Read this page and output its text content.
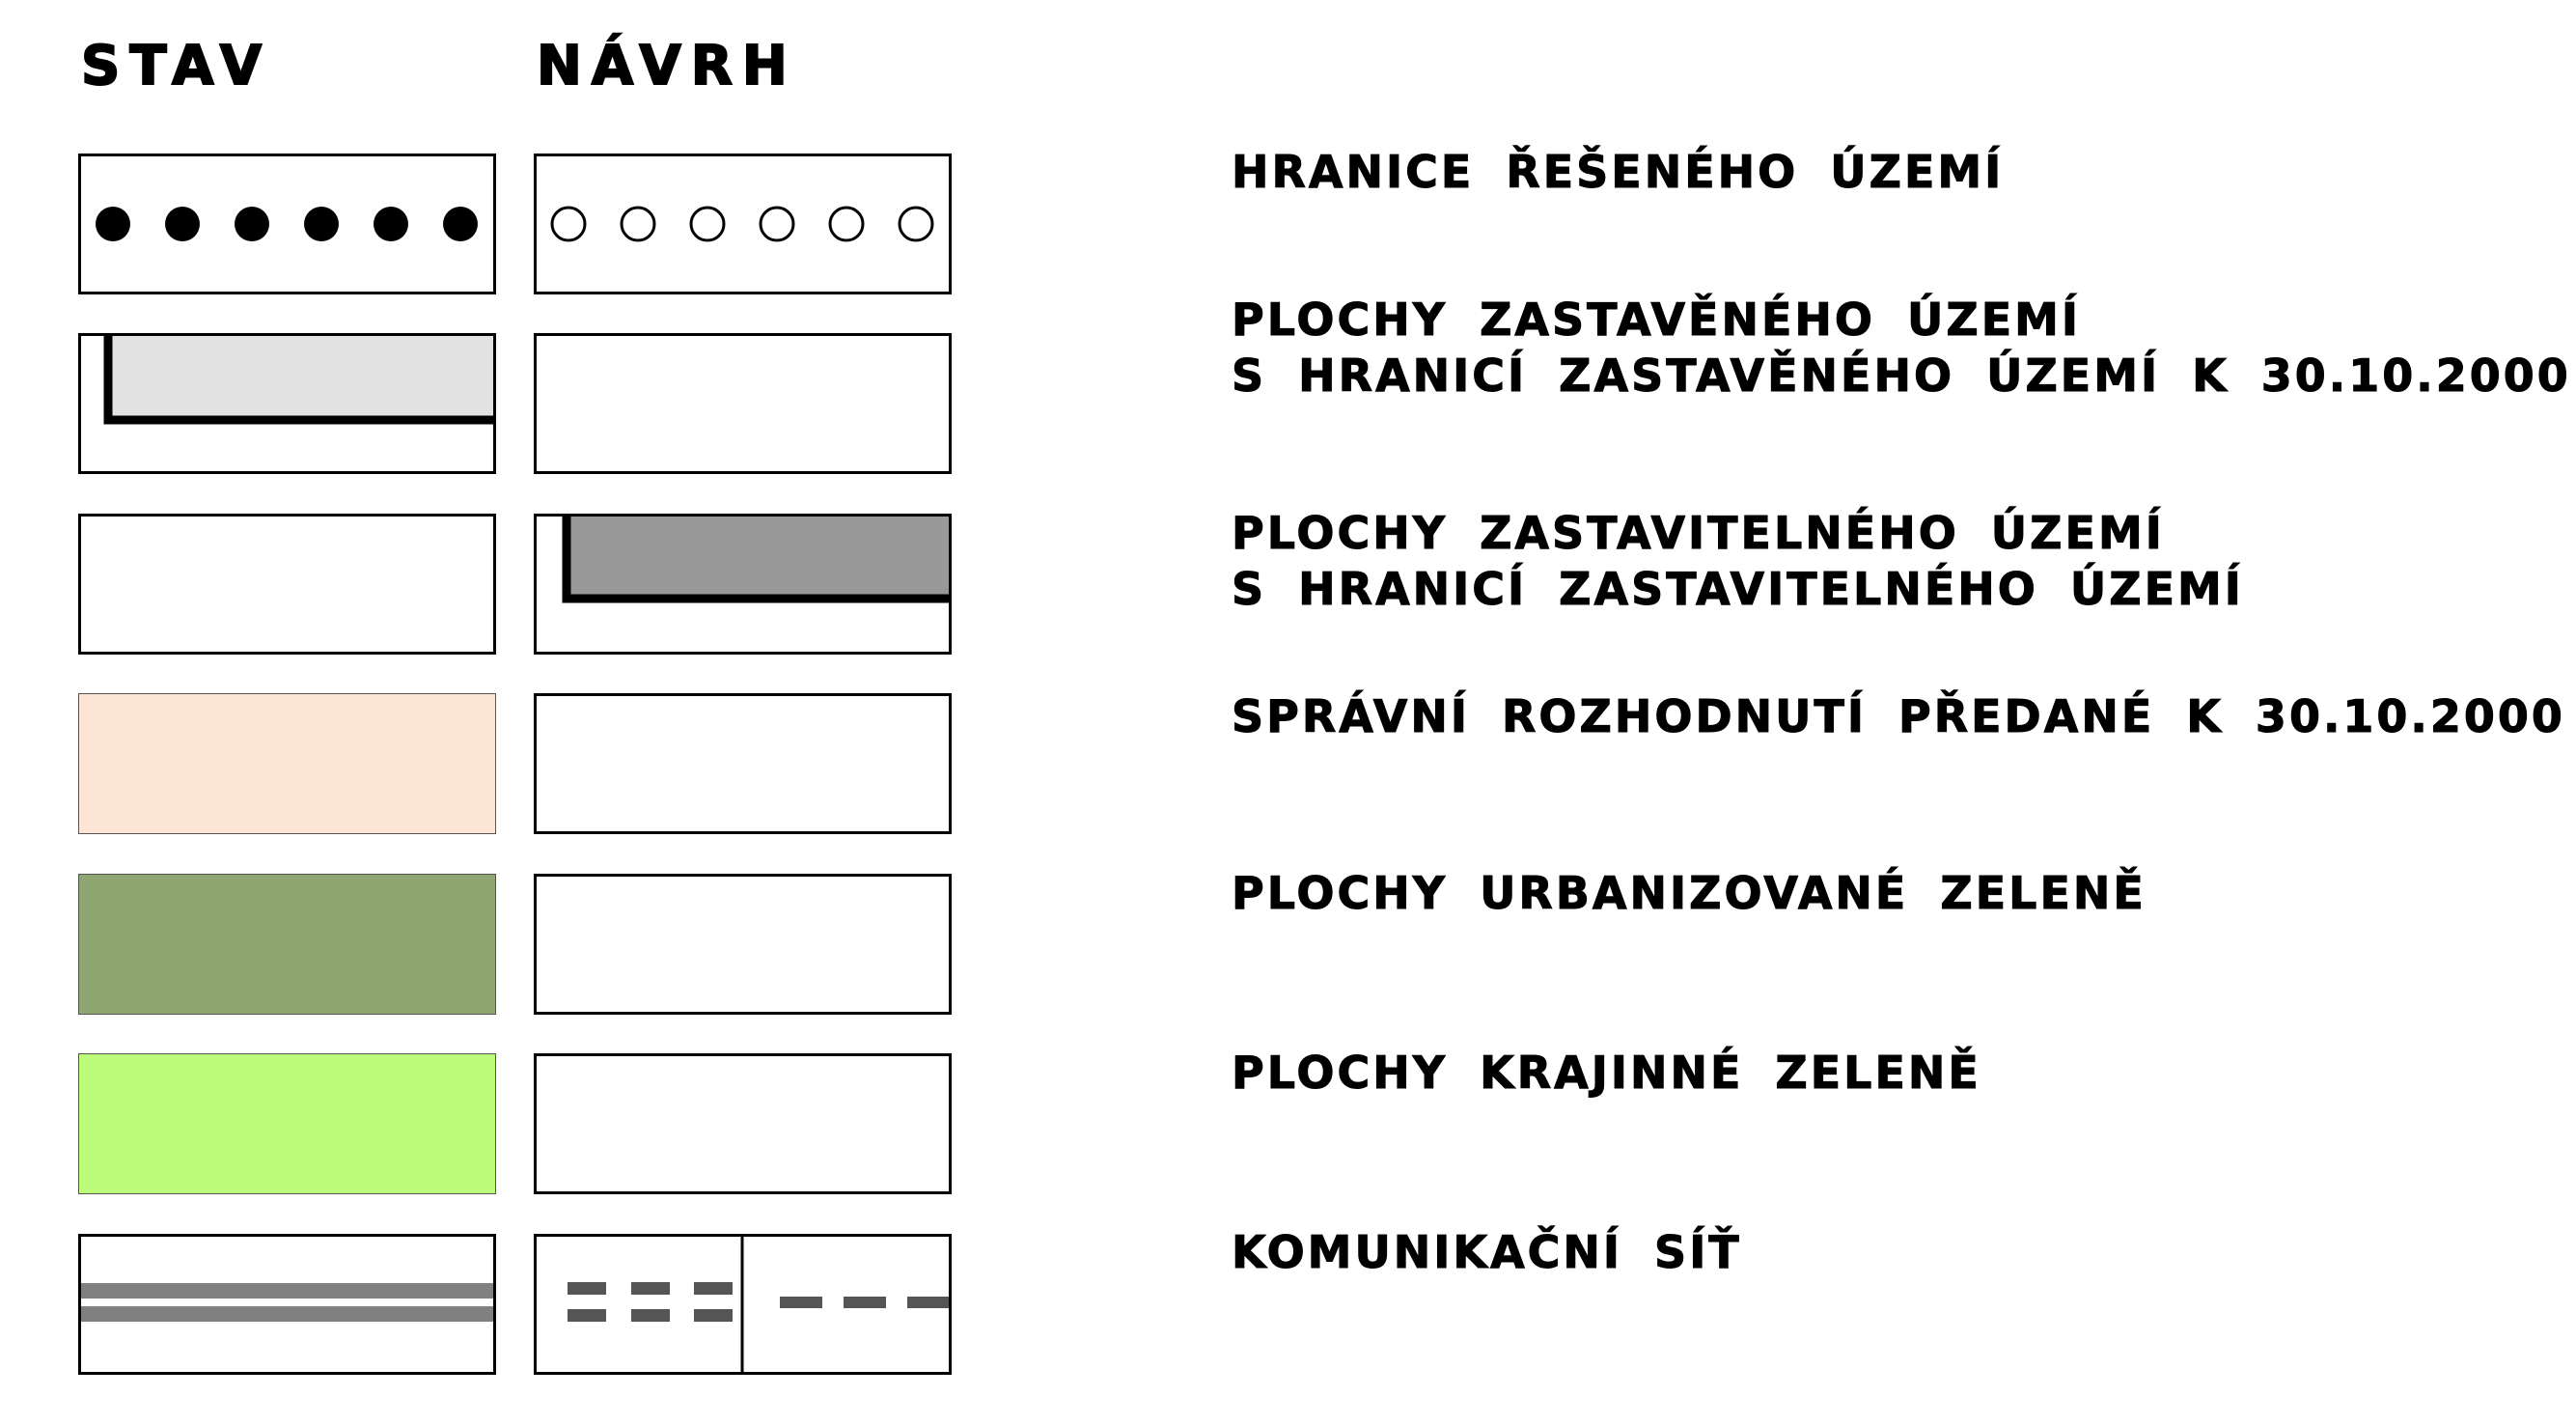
STAV	NÁVRH
HRANICE ŘEŠENÉHO ÚZEMÍ
PLOCHY ZASTAVĚNÉHO ÚZEMÍ
S HRANICÍ ZASTAVĚNÉHO ÚZEMÍ K 30.10.2000
PLOCHY ZASTAVITELNÉHO ÚZEMÍ
S HRANICÍ ZASTAVITELNÉHO ÚZEMÍ
SPRÁVNÍ ROZHODNUTÍ PŘEDANÉ K 30.10.2000
PLOCHY URBANIZOVANÉ ZELENĚ
PLOCHY KRAJINNÉ ZELENĚ
KOMUNIKAČNÍ SÍŤ
